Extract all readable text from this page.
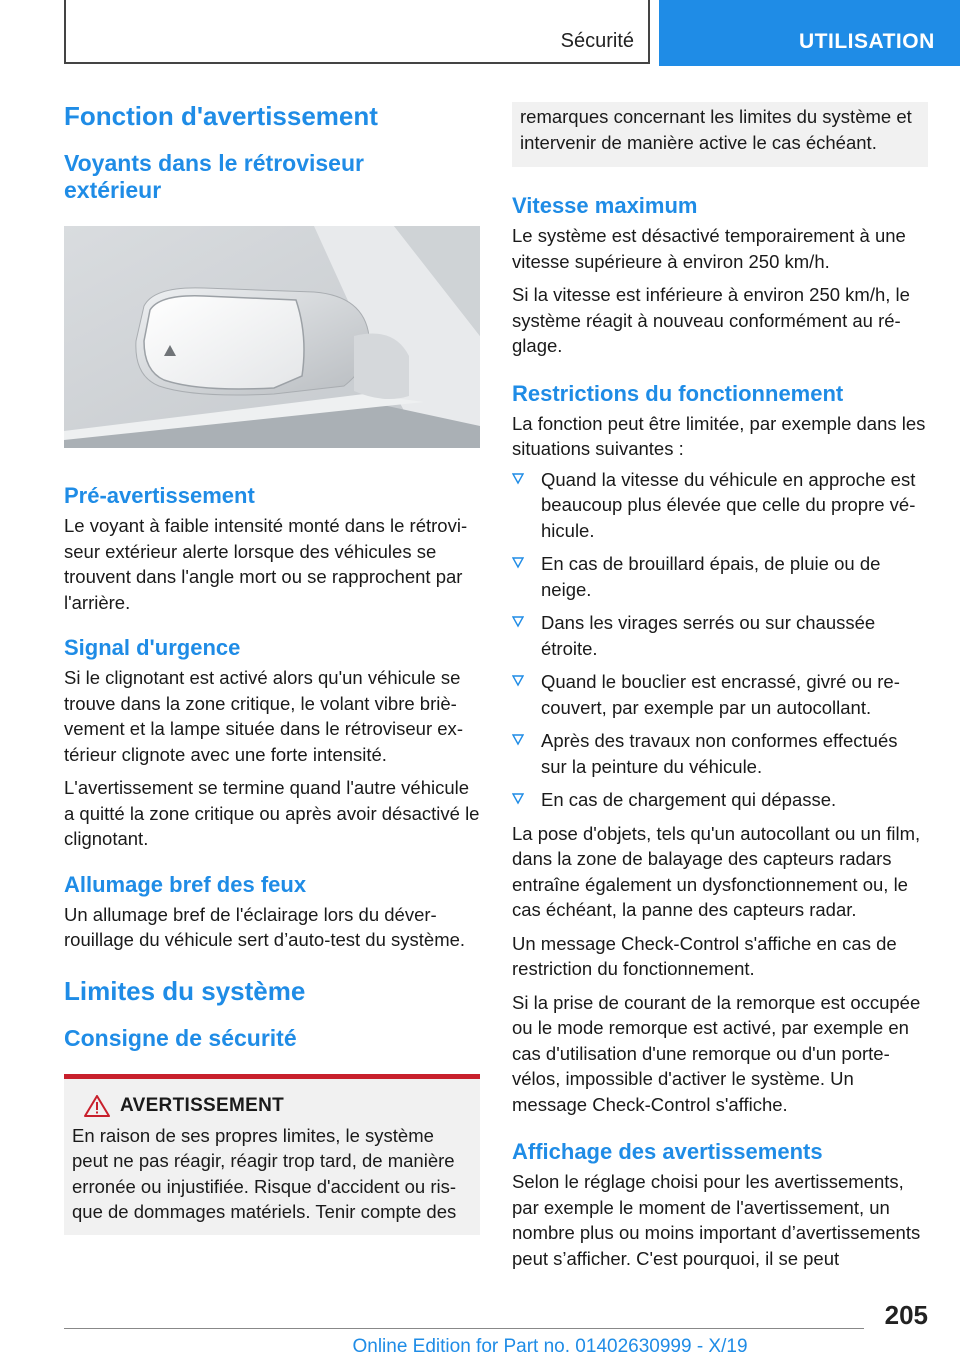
Sécurité	UTILISATION
Fonction d'avertissement
Voyants dans le rétroviseur extérieur
Pré-avertissement

Le voyant à faible intensité monté dans le rétroviseur extérieur alerte lorsque des véhicules se trouvent dans l'angle mort ou se rapprochent par l'arrière.

Signal d'urgence

Si le clignotant est activé alors qu'un véhicule se trouve dans la zone critique, le volant vibre brièvement et la lampe située dans le rétroviseur extérieur clignote avec une forte intensité.

L'avertissement se termine quand l'autre véhicule a quitté la zone critique ou après avoir désactivé le clignotant.

Allumage bref des feux

Un allumage bref de l'éclairage lors du déverrouillage du véhicule sert d’auto-test du système.

Limites du système
Consigne de sécurité
AVERTISSEMENT

En raison de ses propres limites, le système peut ne pas réagir, réagir trop tard, de manière erronée ou injustifiée. Risque d'accident ou risque de dommages matériels. Tenir compte des

remarques concernant les limites du système et intervenir de manière active le cas échéant.

Vitesse maximum

Le système est désactivé temporairement à une vitesse supérieure à environ 250 km/h.

Si la vitesse est inférieure à environ 250 km/h, le système réagit à nouveau conformément au réglage.

Restrictions du fonctionnement

La fonction peut être limitée, par exemple dans les situations suivantes :

Quand la vitesse du véhicule en approche est beaucoup plus élevée que celle du propre véhicule.
En cas de brouillard épais, de pluie ou de neige.
Dans les virages serrés ou sur chaussée étroite.
Quand le bouclier est encrassé, givré ou recouvert, par exemple par un autocollant.
Après des travaux non conformes effectués sur la peinture du véhicule.
En cas de chargement qui dépasse.

La pose d'objets, tels qu'un autocollant ou un film, dans la zone de balayage des capteurs radars entraîne également un dysfonctionnement ou, le cas échéant, la panne des capteurs radar.

Un message Check-Control s'affiche en cas de restriction du fonctionnement.

Si la prise de courant de la remorque est occupée ou le mode remorque est activé, par exemple en cas d'utilisation d'une remorque ou d'un porte-vélos, impossible d'activer le système. Un message Check-Control s'affiche.

Affichage des avertissements

Selon le réglage choisi pour les avertissements, par exemple le moment de l'avertissement, un nombre plus ou moins important d’avertissements peut s’afficher. C'est pourquoi, il se peut

205
Online Edition for Part no. 01402630999 - X/19
